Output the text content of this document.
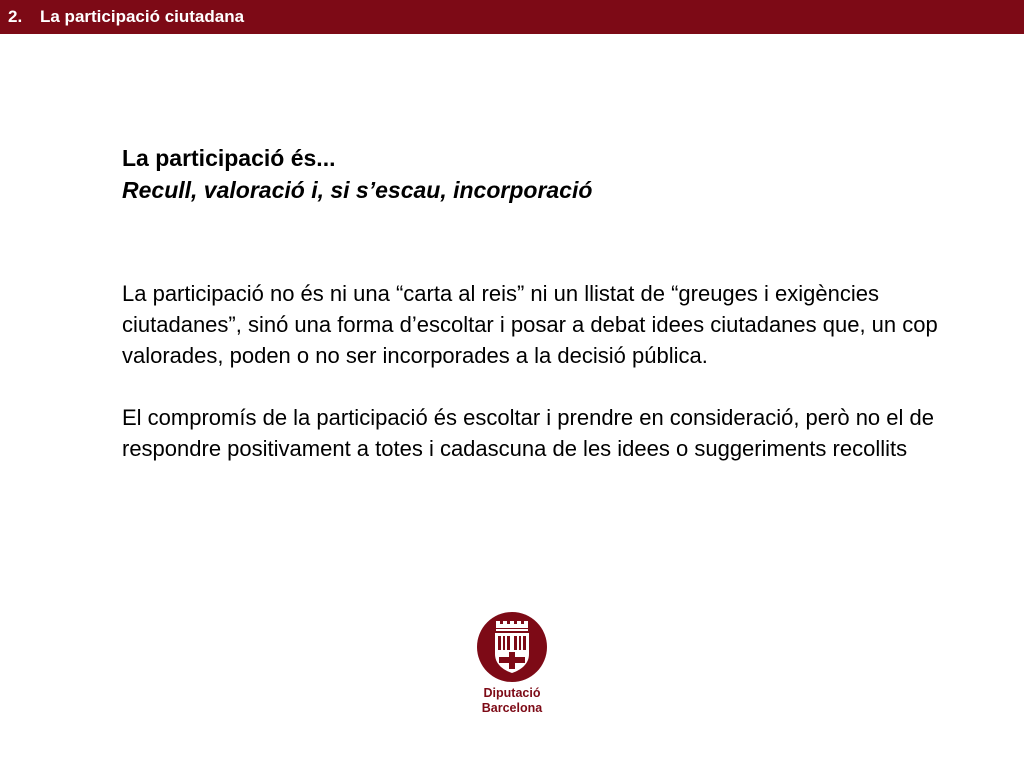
2. La participació ciutadana

La participació és...

Recull, valoració i, si s’escau, incorporació

La participació no és ni una “carta al reis” ni un llistat de “greuges i exigències ciutadanes”, sinó una forma d’escoltar i posar a debat idees ciutadanes que, un cop valorades, poden o no ser incorporades a la decisió pública.

El compromís de la participació és escoltar i prendre en consideració, però no el de respondre positivament a totes i cadascuna de les idees o suggeriments recollits

Diputació
Barcelona
